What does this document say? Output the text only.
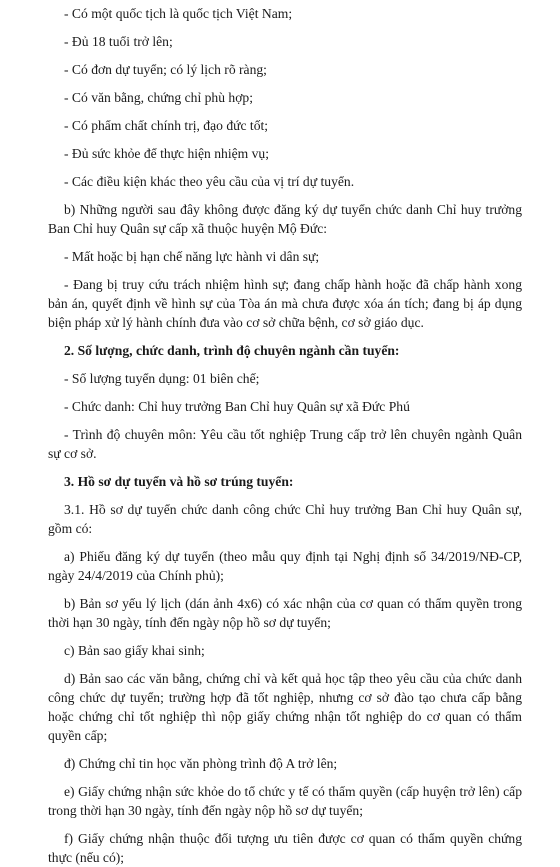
- Có một quốc tịch là quốc tịch Việt Nam;
- Đủ 18 tuổi trở lên;
- Có đơn dự tuyển; có lý lịch rõ ràng;
- Có văn bằng, chứng chỉ phù hợp;
- Có phẩm chất chính trị, đạo đức tốt;
- Đủ sức khỏe để thực hiện nhiệm vụ;
- Các điều kiện khác theo yêu cầu của vị trí dự tuyển.
b) Những người sau đây không được đăng ký dự tuyển chức danh Chỉ huy trưởng Ban Chỉ huy Quân sự cấp xã thuộc huyện Mộ Đức:
- Mất hoặc bị hạn chế năng lực hành vi dân sự;
- Đang bị truy cứu trách nhiệm hình sự; đang chấp hành hoặc đã chấp hành xong bản án, quyết định về hình sự của Tòa án mà chưa được xóa án tích; đang bị áp dụng biện pháp xử lý hành chính đưa vào cơ sở chữa bệnh, cơ sở giáo dục.
2. Số lượng, chức danh, trình độ chuyên ngành cần tuyển:
- Số lượng tuyển dụng: 01 biên chế;
- Chức danh: Chỉ huy trưởng Ban Chỉ huy Quân sự xã Đức Phú
- Trình độ chuyên môn: Yêu cầu tốt nghiệp Trung cấp trở lên chuyên ngành Quân sự cơ sở.
3. Hồ sơ dự tuyển và hồ sơ trúng tuyển:
3.1. Hồ sơ dự tuyển chức danh công chức Chỉ huy trưởng Ban Chỉ huy Quân sự, gồm có:
a) Phiếu đăng ký dự tuyển (theo mẫu quy định tại Nghị định số 34/2019/NĐ-CP, ngày 24/4/2019 của Chính phủ);
b) Bản sơ yếu lý lịch (dán ảnh 4x6) có xác nhận của cơ quan có thẩm quyền trong thời hạn 30 ngày, tính đến ngày nộp hồ sơ dự tuyển;
c) Bản sao giấy khai sinh;
d) Bản sao các văn bằng, chứng chỉ và kết quả học tập theo yêu cầu của chức danh công chức dự tuyển; trường hợp đã tốt nghiệp, nhưng cơ sở đào tạo chưa cấp bằng hoặc chứng chỉ tốt nghiệp thì nộp giấy chứng nhận tốt nghiệp do cơ quan có thẩm quyền cấp;
đ) Chứng chỉ tin học văn phòng trình độ A trở lên;
e) Giấy chứng nhận sức khỏe do tổ chức y tế có thẩm quyền (cấp huyện trở lên) cấp trong thời hạn 30 ngày, tính đến ngày nộp hồ sơ dự tuyển;
f) Giấy chứng nhận thuộc đối tượng ưu tiên được cơ quan có thẩm quyền chứng thực (nếu có);
